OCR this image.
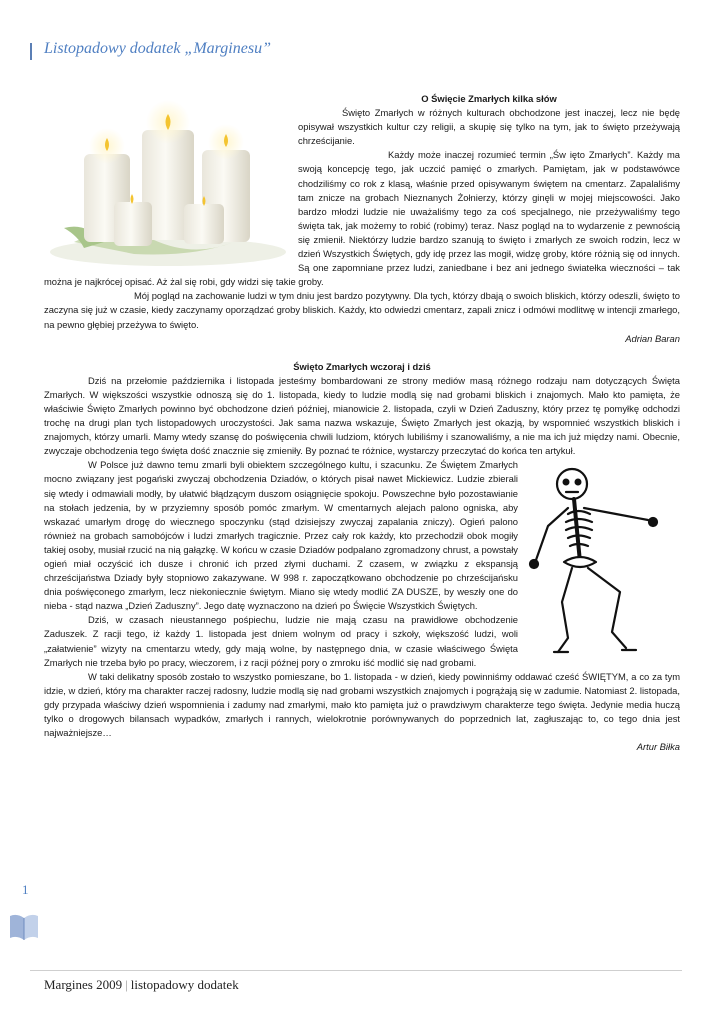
Listopadowy dodatek „Marginesu”

O Święcie Zmarłych kilka słów

Święto Zmarłych w różnych kulturach obchodzone jest inaczej, lecz nie będę opisywał wszystkich kultur czy religii, a skupię się tylko na tym, jak to święto przeżywają chrześcijanie.

Każdy może inaczej rozumieć termin „Św ięto Zmarłych”. Każdy ma swoją koncepcję tego, jak uczcić pamięć o zmarłych. Pamiętam, jak w podstawówce chodziliśmy co rok z klasą, właśnie przed opisywanym świętem na cmentarz. Zapalaliśmy tam znicze na grobach Nieznanych Żołnierzy, którzy ginęli w mojej miejscowości. Jako bardzo młodzi ludzie nie uważaliśmy tego za coś specjalnego, nie przeżywaliśmy tego święta tak, jak możemy to robić (robimy) teraz. Nasz pogląd na to wydarzenie z pewnością się zmienił. Niektórzy ludzie bardzo szanują to święto i zmarłych ze swoich rodzin, lecz w dzień Wszystkich Świętych, gdy idę przez las mogił, widzę groby, które różnią się od innych. Są one zapomniane przez ludzi, zaniedbane i bez ani jednego światełka wieczności – tak można je najkrócej opisać. Aż żal się robi, gdy widzi się takie groby.

Mój pogląd na zachowanie ludzi w tym dniu jest bardzo pozytywny. Dla tych, którzy dbają o swoich bliskich, którzy odeszli, święto to zaczyna się już w czasie, kiedy zaczynamy oporządzać groby bliskich. Każdy, kto odwiedzi cmentarz, zapali znicz i odmówi modlitwę w intencji zmarłego, na pewno głębiej przeżywa to święto.

Adrian Baran

Święto Zmarłych wczoraj i dziś

Dziś na przełomie października i listopada jesteśmy bombardowani ze strony mediów masą różnego rodzaju nam dotyczących Święta Zmarłych. W większości wszystkie odnoszą się do 1. listopada, kiedy to ludzie modlą się nad grobami bliskich i znajomych. Mało kto pamięta, że właściwie Święto Zmarłych powinno być obchodzone dzień później, mianowicie 2. listopada, czyli w Dzień Zaduszny, który przez tę pomyłkę odchodzi trochę na drugi plan tych listopadowych uroczystości. Jak sama nazwa wskazuje, Święto Zmarłych jest okazją, by wspomnieć wszystkich bliskich i znajomych, którzy umarli. Mamy wtedy szansę do poświęcenia chwili ludziom, których lubiliśmy i szanowaliśmy, a nie ma ich już między nami. Obecnie, zwyczaje obchodzenia tego święta dość znacznie się zmieniły. By poznać te różnice, wystarczy przeczytać do końca ten artykuł.

W Polsce już dawno temu zmarli byli obiektem szczególnego kultu, i szacunku. Ze Świętem Zmarłych mocno związany jest pogański zwyczaj obchodzenia Dziadów, o których pisał nawet Mickiewicz. Ludzie zbierali się wtedy i odmawiali modły, by ułatwić błądzącym duszom osiągnięcie spokoju. Powszechne było pozostawianie na stołach jedzenia, by w przyziemny sposób pomóc zmarłym. W cmentarnych alejach palono ogniska, aby wskazać umarłym drogę do wiecznego spoczynku (stąd dzisiejszy zwyczaj zapalania zniczy). Ogień palono również na grobach samobójców i ludzi zmarłych tragicznie. Przez cały rok każdy, kto przechodził obok mogiły takiej osoby, musiał rzucić na nią gałązkę. W końcu w czasie Dziadów podpalano zgromadzony chrust, a powstały ogień miał oczyścić ich dusze i chronić ich przed złymi duchami. Z czasem, w związku z ekspansją chrześcijaństwa Dziady były stopniowo zakazywane. W 998 r. zapoczątkowano obchodzenie po chrześcijańsku dnia poświęconego zmarłym, lecz niekoniecznie świętym. Miano się wtedy modlić ZA DUSZE, by weszły one do nieba - stąd nazwa „Dzień Zaduszny”. Jego datę wyznaczono na dzień po Święcie Wszystkich Świętych.

Dziś, w czasach nieustannego pośpiechu, ludzie nie mają czasu na prawidłowe obchodzenie Zaduszek. Z racji tego, iż każdy 1. listopada jest dniem wolnym od pracy i szkoły, większość ludzi, woli „załatwienie” wizyty na cmentarzu wtedy, gdy mają wolne, by następnego dnia, w czasie właściwego Święta Zmarłych nie trzeba było po pracy, wieczorem, i z racji późnej pory o zmroku iść modlić się nad grobami.

W taki delikatny sposób zostało to wszystko pomieszane, bo 1. listopada - w dzień, kiedy powinniśmy oddawać cześć ŚWIĘTYM, a co za tym idzie, w dzień, który ma charakter raczej radosny, ludzie modlą się nad grobami wszystkich znajomych i pogrążają się w zadumie. Natomiast 2. listopada, gdy przypada właściwy dzień wspomnienia i zadumy nad zmarłymi, mało kto pamięta już o prawdziwym charakterze tego święta. Jedynie media huczą tylko o drogowych bilansach wypadków, zmarłych i rannych, wielokrotnie porównywanych do poprzednich lat, zagłuszając to, co tego dnia jest najważniejsze…

Artur Biłka

1
Margines 2009 | listopadowy dodatek
